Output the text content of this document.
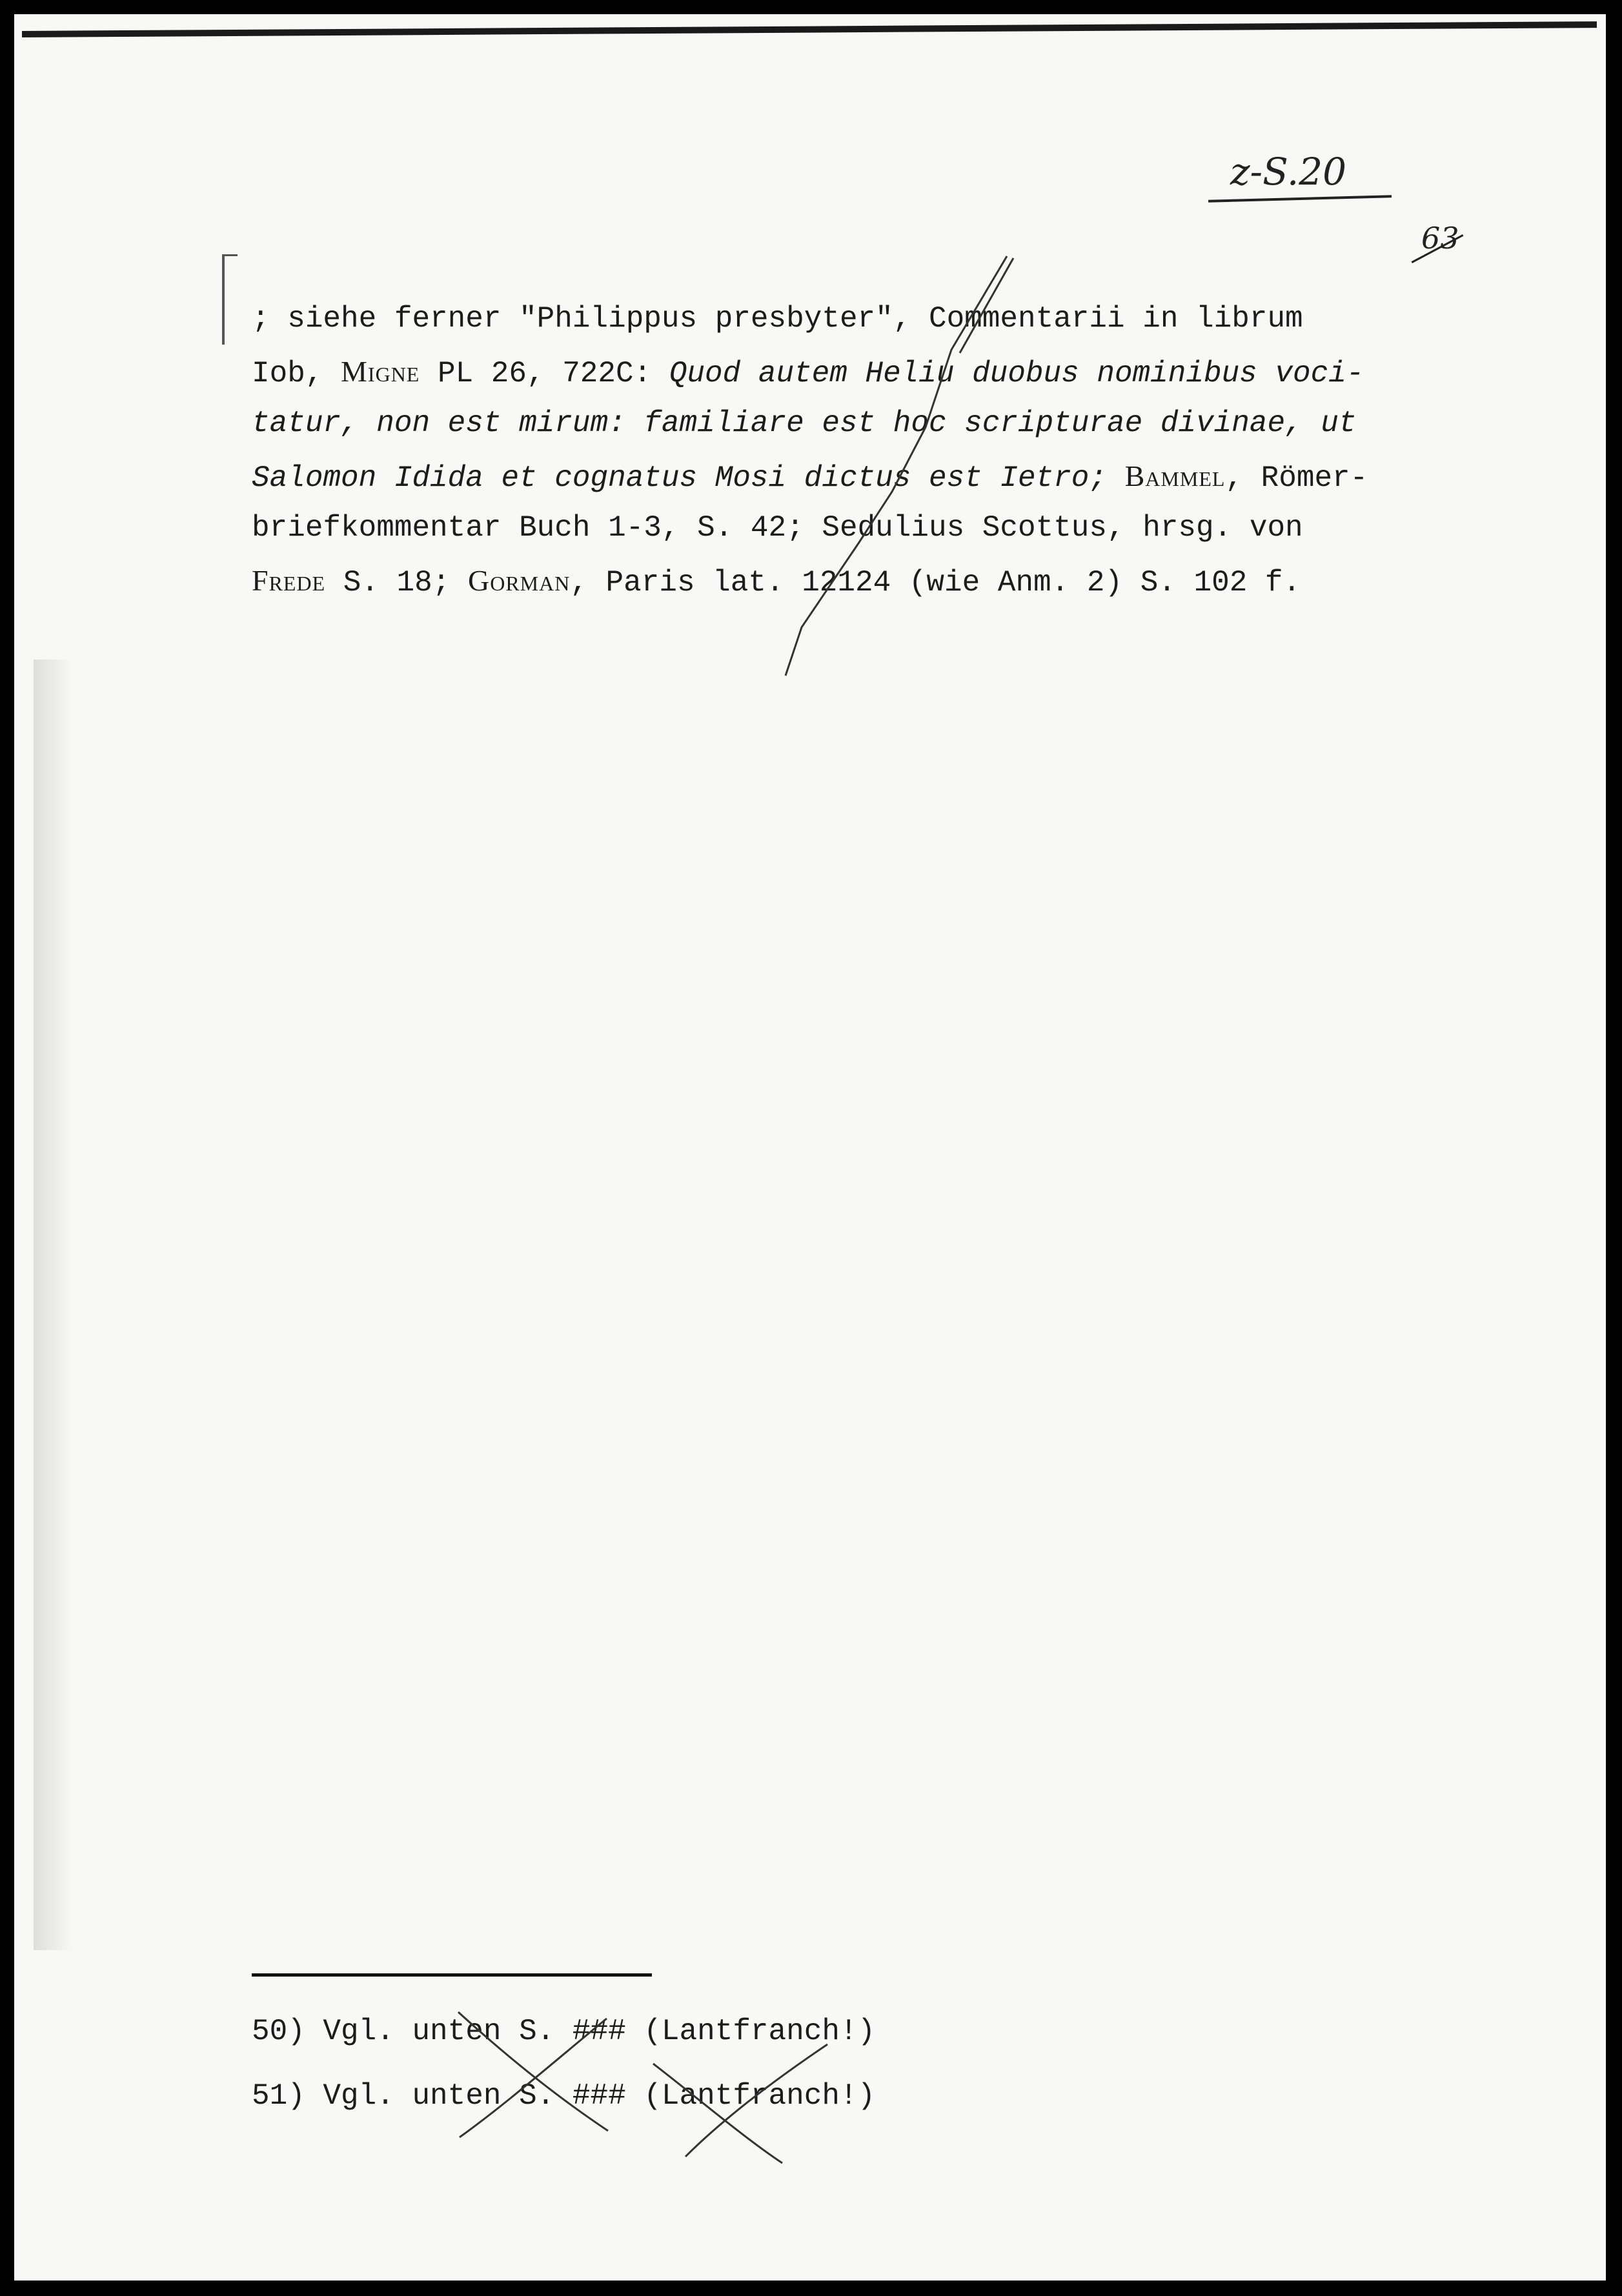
z-S.20
63
; siehe ferner "Philippus presbyter", Commentarii in librum
Iob, Migne PL 26, 722C: Quod autem Heliu duobus nominibus voci-
tatur, non est mirum: familiare est hoc scripturae divinae, ut
Salomon Idida et cognatus Mosi dictus est Ietro; Bammel, Römer-
briefkommentar Buch 1-3, S. 42; Sedulius Scottus, hrsg. von
Frede S. 18; Gorman, Paris lat. 12124 (wie Anm. 2) S. 102 f.
50) Vgl. unten S. ### (Lantfranch!)
51) Vgl. unten S. ### (Lantfranch!)
